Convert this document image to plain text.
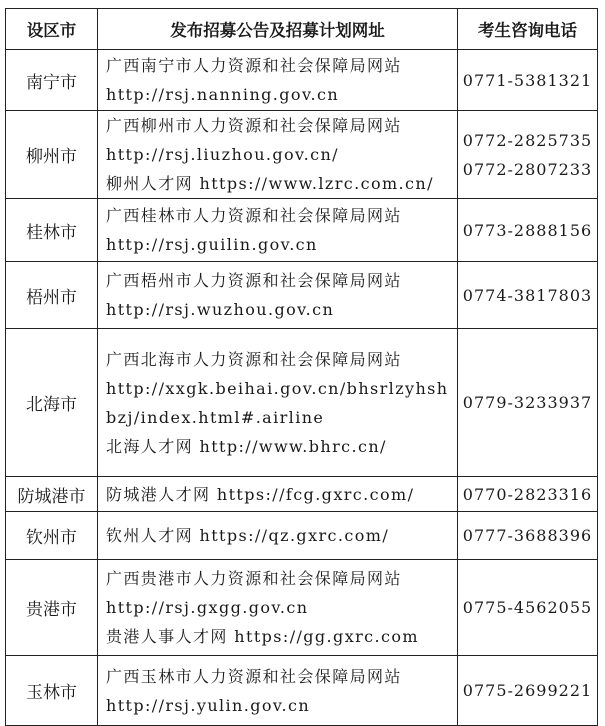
设区市	发布招募公告及招募计划网址	考生咨询电话
南宁市	广西南宁市人力资源和社会保障局网站
http://rsj.nanning.gov.cn	0771-5381321

柳州市	广西柳州市人力资源和社会保障局网站
http://rsj.liuzhou.gov.cn/
柳州人才网 https://www.lzrc.com.cn/	0772-2825735
0772-2807233

桂林市	广西桂林市人力资源和社会保障局网站
http://rsj.guilin.gov.cn	0773-2888156

梧州市	广西梧州市人力资源和社会保障局网站
http://rsj.wuzhou.gov.cn	0774-3817803

北海市	广西北海市人力资源和社会保障局网站
http://xxgk.beihai.gov.cn/bhsrlzyhsh
bzj/index.html#.airline
北海人才网 http://www.bhrc.cn/	0779-3233937

防城港市	防城港人才网 https://fcg.gxrc.com/	0770-2823316

钦州市	钦州人才网 https://qz.gxrc.com/	0777-3688396

贵港市	广西贵港市人力资源和社会保障局网站
http://rsj.gxgg.gov.cn
贵港人事人才网 https://gg.gxrc.com	0775-4562055

玉林市	广西玉林市人力资源和社会保障局网站
http://rsj.yulin.gov.cn	0775-2699221
